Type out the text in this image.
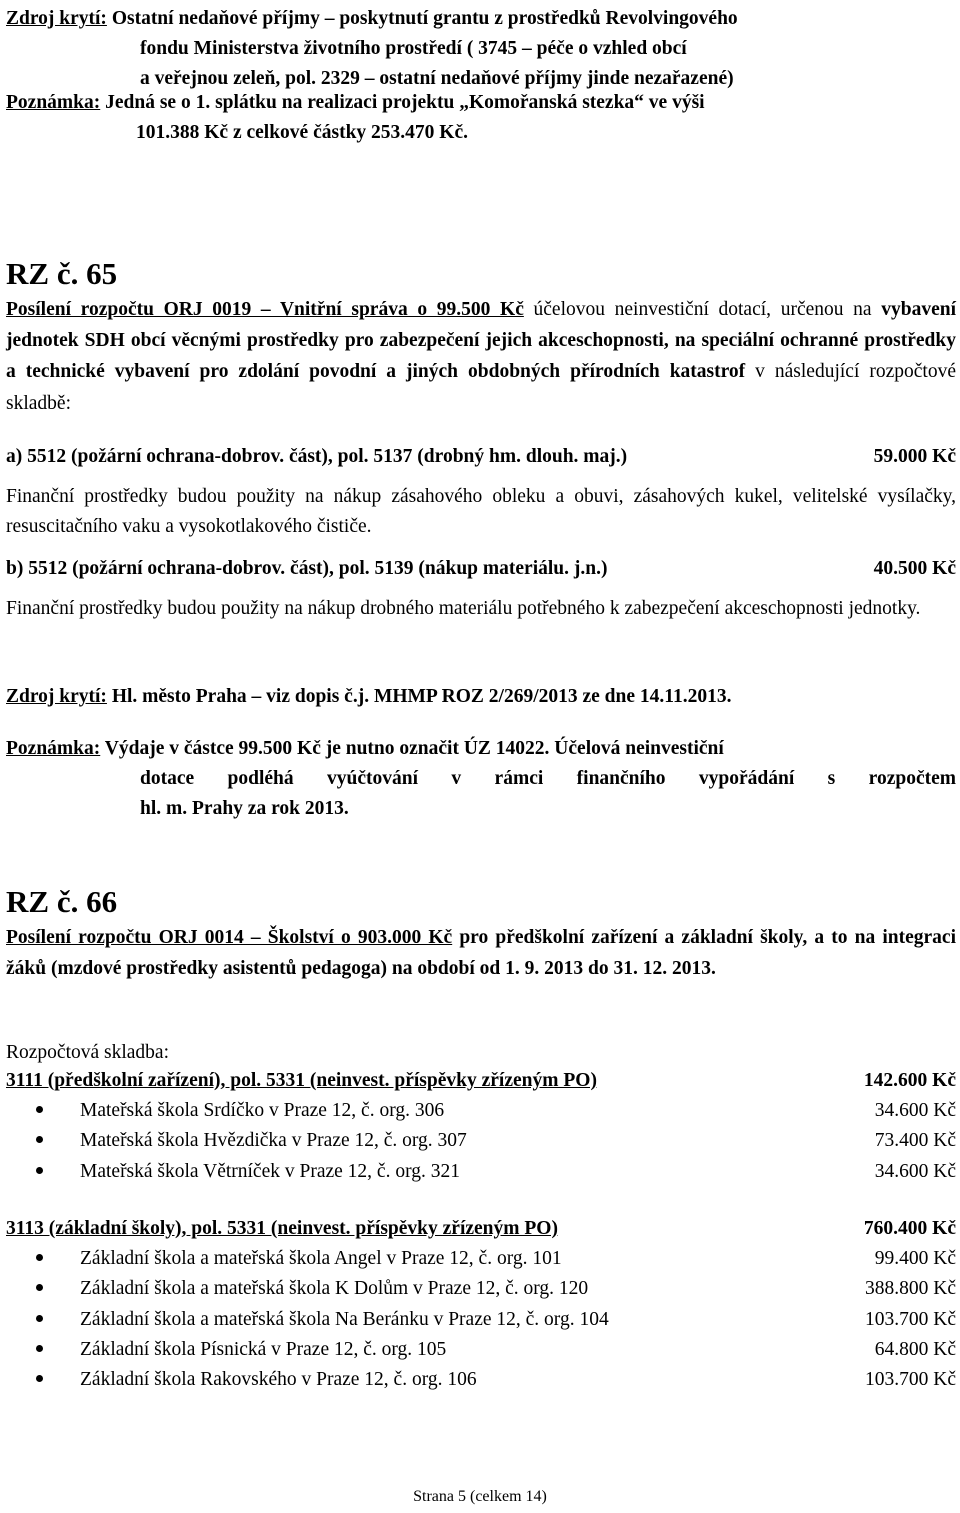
Zdroj krytí: Ostatní nedaňové příjmy – poskytnutí grantu z prostředků Revolvingového
fondu Ministerstva životního prostředí ( 3745 – péče o vzhled obcí
a veřejnou zeleň, pol. 2329 – ostatní nedaňové příjmy jinde nezařazené)
Poznámka: Jedná se o 1. splátku na realizaci projektu „Komořanská stezka“ ve výši
101.388 Kč z celkové částky 253.470 Kč.
RZ č. 65
Posílení rozpočtu ORJ 0019 – Vnitřní správa o 99.500 Kč účelovou neinvestiční dotací, určenou na vybavení jednotek SDH obcí věcnými prostředky pro zabezpečení jejich akceschopnosti, na speciální ochranné prostředky a technické vybavení pro zdolání povodní a jiných obdobných přírodních katastrof v následující rozpočtové skladbě:
a) 5512 (požární ochrana-dobrov. část), pol. 5137 (drobný hm. dlouh. maj.)	59.000 Kč
Finanční prostředky budou použity na nákup zásahového obleku a obuvi, zásahových kukel, velitelské vysílačky, resuscitačního vaku a vysokotlakového čističe.
b) 5512 (požární ochrana-dobrov. část), pol. 5139 (nákup materiálu. j.n.)	40.500 Kč
Finanční prostředky budou použity na nákup drobného materiálu potřebného k zabezpečení akceschopnosti jednotky.
Zdroj krytí: Hl. město Praha – viz dopis č.j. MHMP ROZ 2/269/2013 ze dne 14.11.2013.
Poznámka: Výdaje v částce 99.500 Kč je nutno označit ÚZ 14022. Účelová neinvestiční
dotace podléhá vyúčtování v rámci finančního vypořádání s rozpočtem
hl. m. Prahy za rok 2013.
RZ č. 66
Posílení rozpočtu ORJ 0014 – Školství o 903.000 Kč pro předškolní zařízení a základní školy, a to na integraci žáků (mzdové prostředky asistentů pedagoga) na období od 1. 9. 2013 do 31. 12. 2013.
Rozpočtová skladba:
3111 (předškolní zařízení), pol. 5331 (neinvest. příspěvky zřízeným PO)	142.600 Kč
Mateřská škola Srdíčko v Praze 12, č. org. 306	34.600 Kč
Mateřská škola Hvězdička v Praze 12, č. org. 307	73.400 Kč
Mateřská škola Větrníček v Praze 12, č. org. 321	34.600 Kč
3113 (základní školy), pol. 5331 (neinvest. příspěvky zřízeným PO)	760.400 Kč
Základní škola a mateřská škola Angel v Praze 12, č. org. 101	99.400 Kč
Základní škola a mateřská škola K Dolům v Praze 12, č. org. 120	388.800 Kč
Základní škola a mateřská škola Na Beránku v Praze 12, č. org. 104	103.700 Kč
Základní škola Písnická v Praze 12, č. org. 105	64.800 Kč
Základní škola Rakovského v Praze 12, č. org. 106	103.700 Kč
Strana 5 (celkem 14)
